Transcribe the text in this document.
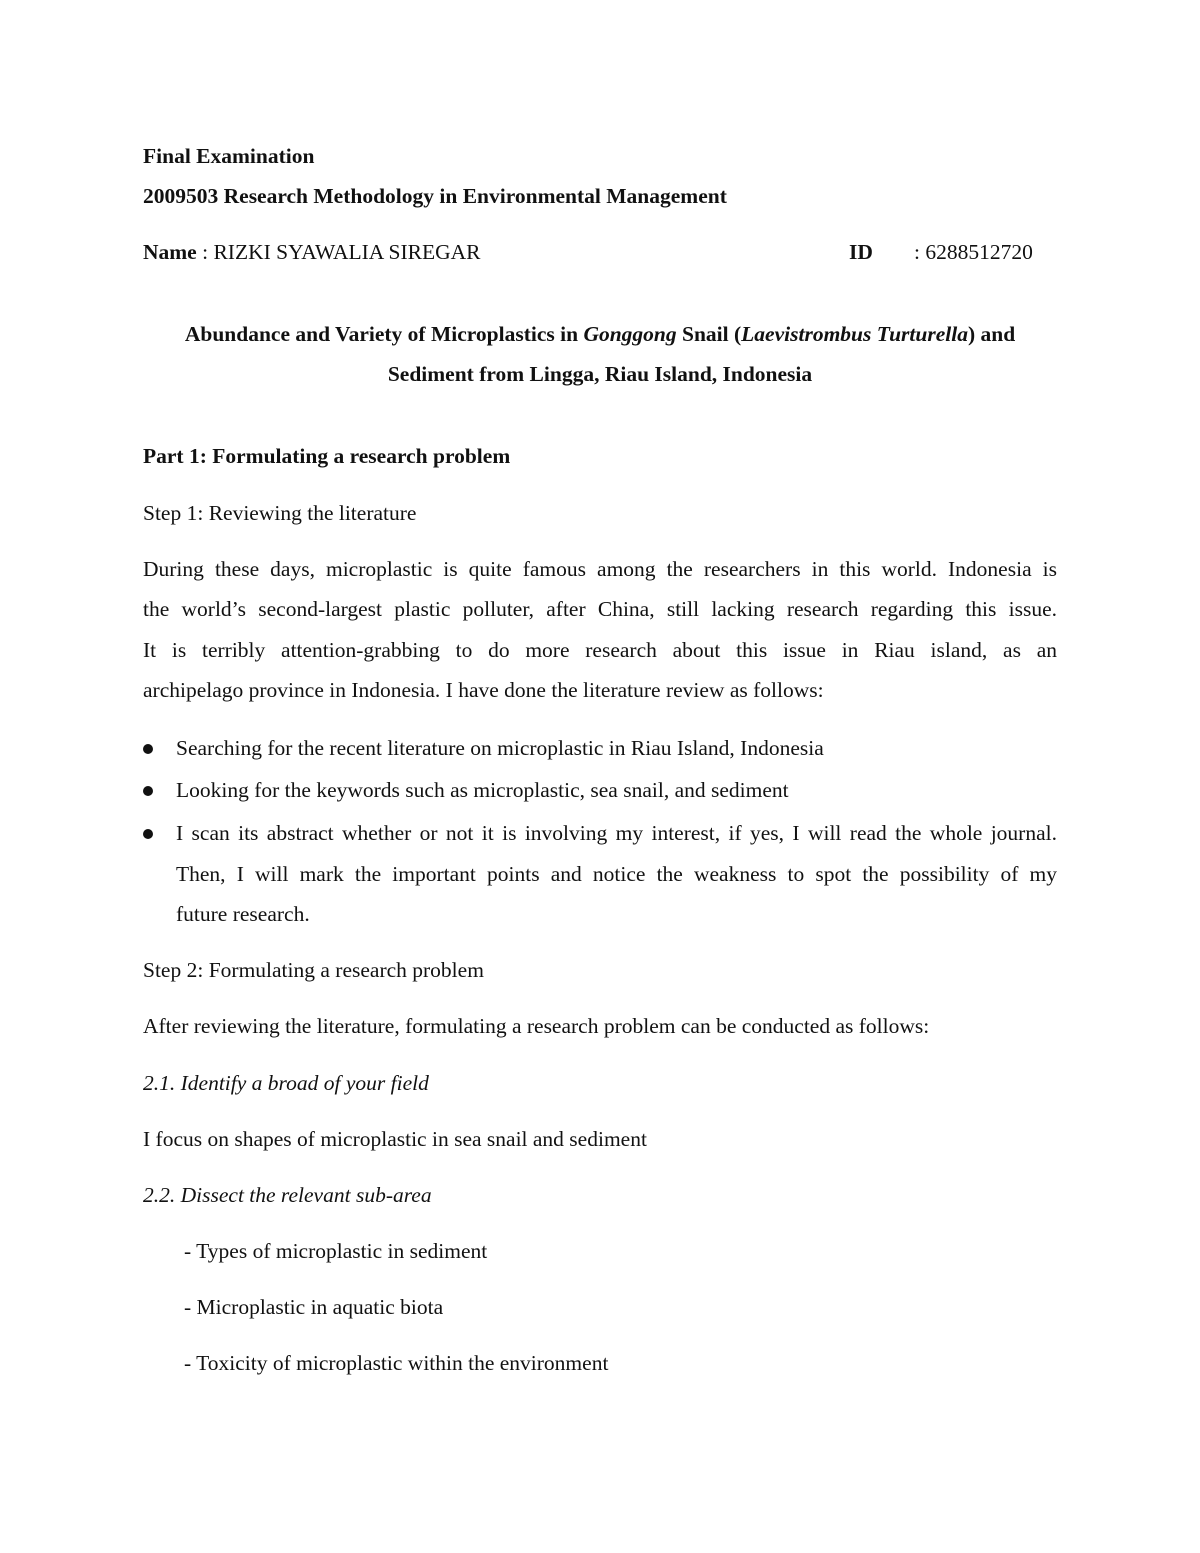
Final Examination
2009503 Research Methodology in Environmental Management
Name : RIZKI SYAWALIA SIREGAR	ID : 6288512720
Abundance and Variety of Microplastics in Gonggong Snail (Laevistrombus Turturella) and
Sediment from Lingga, Riau Island, Indonesia
Part 1: Formulating a research problem
Step 1: Reviewing the literature
During these days, microplastic is quite famous among the researchers in this world. Indonesia is
the world’s second-largest plastic polluter, after China, still lacking research regarding this issue.
It is terribly attention-grabbing to do more research about this issue in Riau island, as an
archipelago province in Indonesia. I have done the literature review as follows:
Searching for the recent literature on microplastic in Riau Island, Indonesia
Looking for the keywords such as microplastic, sea snail, and sediment
I scan its abstract whether or not it is involving my interest, if yes, I will read the whole journal.
Then, I will mark the important points and notice the weakness to spot the possibility of my
future research.
Step 2: Formulating a research problem
After reviewing the literature, formulating a research problem can be conducted as follows:
2.1. Identify a broad of your field
I focus on shapes of microplastic in sea snail and sediment
2.2. Dissect the relevant sub-area
- Types of microplastic in sediment
- Microplastic in aquatic biota
- Toxicity of microplastic within the environment
